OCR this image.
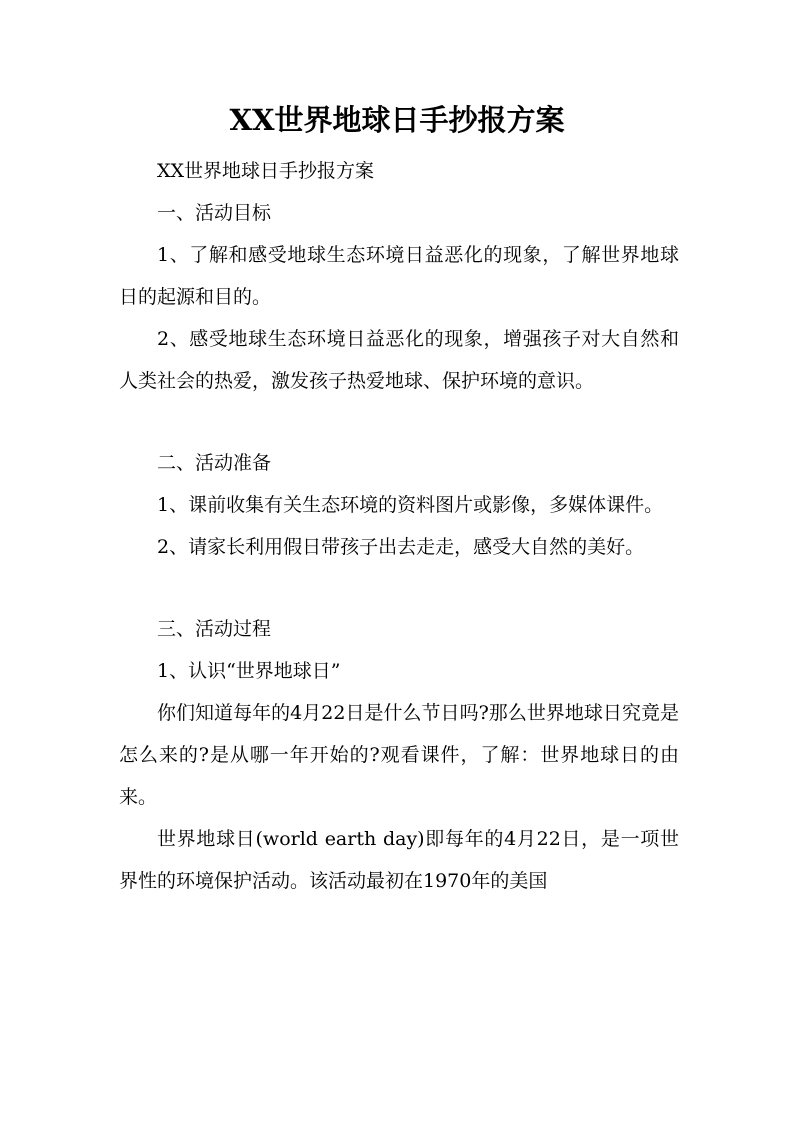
XX世界地球日手抄报方案

XX世界地球日手抄报方案

一、活动目标

1、了解和感受地球生态环境日益恶化的现象，了解世界地球日的起源和目的。

2、感受地球生态环境日益恶化的现象，增强孩子对大自然和人类社会的热爱，激发孩子热爱地球、保护环境的意识。

二、活动准备

1、课前收集有关生态环境的资料图片或影像，多媒体课件。

2、请家长利用假日带孩子出去走走，感受大自然的美好。

三、活动过程

1、认识“世界地球日”

你们知道每年的4月22日是什么节日吗?那么世界地球日究竟是怎么来的?是从哪一年开始的?观看课件，了解：世界地球日的由来。

世界地球日(world earth day)即每年的4月22日，是一项世界性的环境保护活动。该活动最初在1970年的美国
